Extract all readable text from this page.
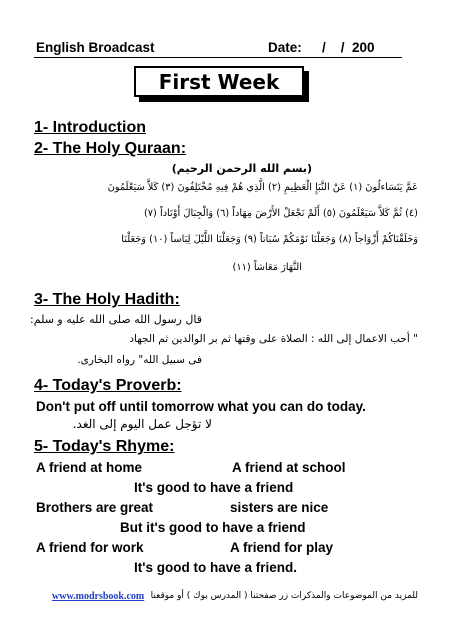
English Broadcast	Date: /    /  200
First Week
1- Introduction
2- The Holy Quraan:
(بسم الله الرحمن الرحيم)
عَمَّ يَتَسَاءلُونَ (١) عَنْ النَّبَإِ الْعَظِيمِ (٢) الَّذِي هُمْ فِيهِ مُخْتَلِفُونَ (٣) كَلاَّ سَيَعْلَمُونَ
(٤) ثُمَّ كَلاَّ سَيَعْلَمُونَ (٥) أَلَمْ نَجْعَلْ الأَرْضَ مِهَاداً (٦) وَالْجِبَالَ أَوْتَاداً (٧)
وَخَلَقْنَاكُمْ أَزْوَاجاً (٨) وَجَعَلْنَا نَوْمَكُمْ سُبَاتاً (٩) وَجَعَلْنَا اللَّيْلَ لِبَاساً (١٠) وَجَعَلْنَا
النَّهَارَ مَعَاشاً (١١)
3- The Holy Hadith:
قال رسول الله صلى الله عليه و سلم:
" أحب الاعمال إلى الله : الصلاة على وقتها ثم بر الوالدين ثم الجهاد
فى سبيل الله" رواه البخارى.
4- Today's Proverb:
Don't put off until tomorrow what you can do today.
لا تؤجل عمل اليوم إلى الغد.
5- Today's Rhyme:
A friend at home	A friend at school
It's good to have a friend
Brothers are great	sisters are nice
But it's good to have a friend
A friend for work	A friend for play
It's good to have a friend.
www.modrsbook.com للمزيد من الموضوعات والمذكرات زر صفحتنا ( المدرس بوك ) أو موقعنا
